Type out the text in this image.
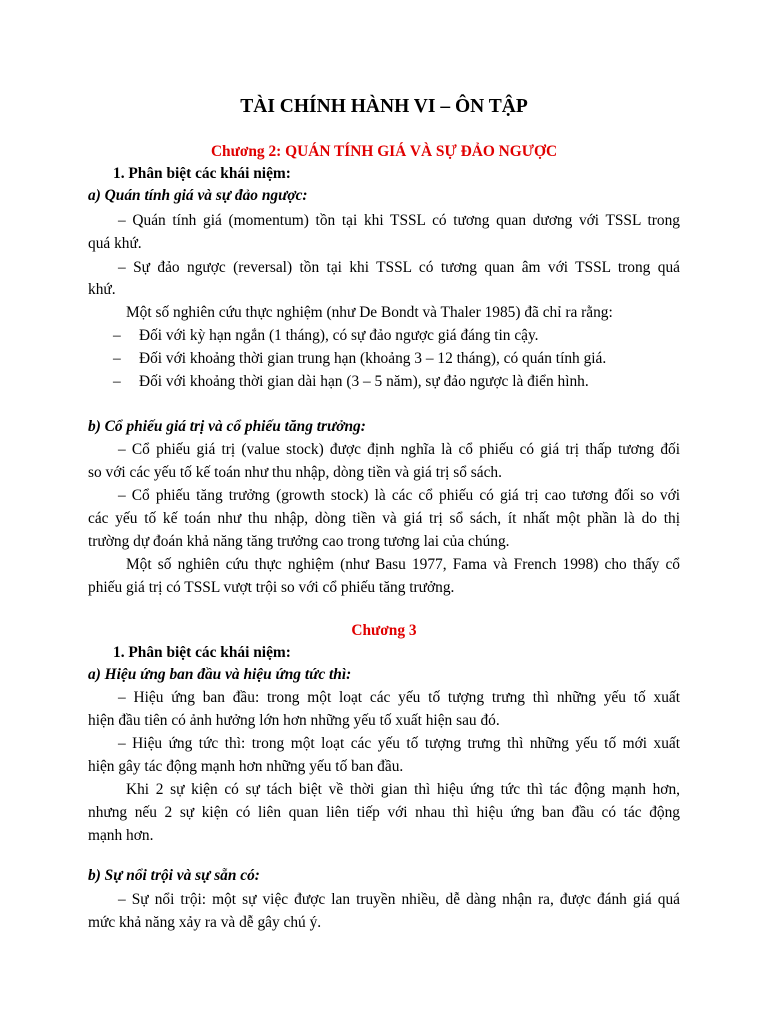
TÀI CHÍNH HÀNH VI – ÔN TẬP
Chương 2: QUÁN TÍNH GIÁ VÀ SỰ ĐẢO NGƯỢC
1. Phân biệt các khái niệm:
a) Quán tính giá và sự đảo ngược:
– Quán tính giá (momentum) tồn tại khi TSSL có tương quan dương với TSSL trong
quá khứ.
– Sự đảo ngược (reversal) tồn tại khi TSSL có tương quan âm với TSSL trong quá
khứ.
Một số nghiên cứu thực nghiệm (như De Bondt và Thaler 1985) đã chỉ ra rằng:
– Đối với kỳ hạn ngắn (1 tháng), có sự đảo ngược giá đáng tin cậy.
– Đối với khoảng thời gian trung hạn (khoảng 3 – 12 tháng), có quán tính giá.
– Đối với khoảng thời gian dài hạn (3 – 5 năm), sự đảo ngược là điển hình.
b) Cổ phiếu giá trị và cổ phiếu tăng trưởng:
– Cổ phiếu giá trị (value stock) được định nghĩa là cổ phiếu có giá trị thấp tương đối
so với các yếu tố kế toán như thu nhập, dòng tiền và giá trị sổ sách.
– Cổ phiếu tăng trưởng (growth stock) là các cổ phiếu có giá trị cao tương đối so với
các yếu tố kế toán như thu nhập, dòng tiền và giá trị sổ sách, ít nhất một phần là do thị
trường dự đoán khả năng tăng trưởng cao trong tương lai của chúng.
Một số nghiên cứu thực nghiệm (như Basu 1977, Fama và French 1998) cho thấy cổ
phiếu giá trị có TSSL vượt trội so với cổ phiếu tăng trưởng.
Chương 3
1. Phân biệt các khái niệm:
a) Hiệu ứng ban đầu và hiệu ứng tức thì:
– Hiệu ứng ban đầu: trong một loạt các yếu tố tượng trưng thì những yếu tố xuất
hiện đầu tiên có ảnh hưởng lớn hơn những yếu tố xuất hiện sau đó.
– Hiệu ứng tức thì: trong một loạt các yếu tố tượng trưng thì những yếu tố mới xuất
hiện gây tác động mạnh hơn những yếu tố ban đầu.
Khi 2 sự kiện có sự tách biệt về thời gian thì hiệu ứng tức thì tác động mạnh hơn,
nhưng nếu 2 sự kiện có liên quan liên tiếp với nhau thì hiệu ứng ban đầu có tác động
mạnh hơn.
b) Sự nổi trội và sự sẵn có:
– Sự nổi trội: một sự việc được lan truyền nhiều, dễ dàng nhận ra, được đánh giá quá
mức khả năng xảy ra và dễ gây chú ý.
